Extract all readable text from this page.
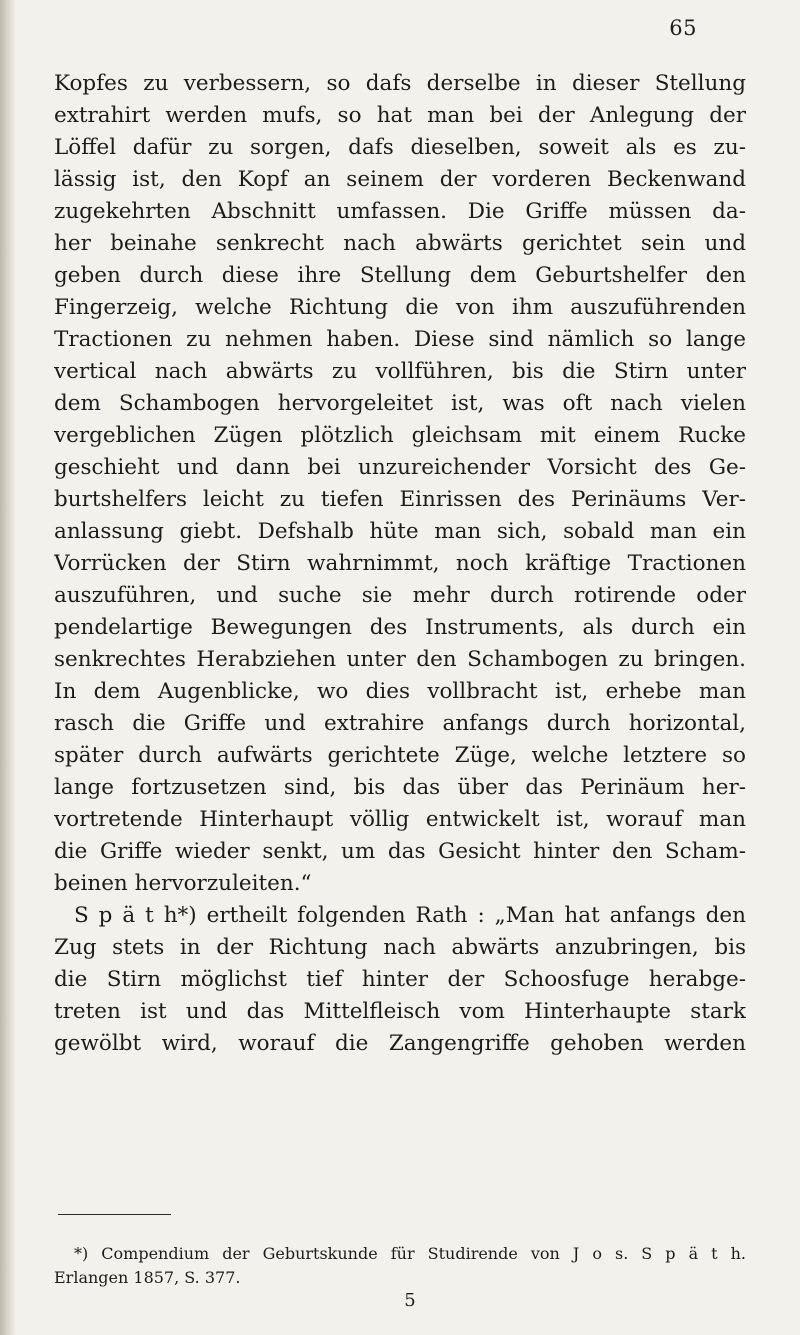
65
Kopfes zu verbessern, so dafs derselbe in dieser Stellung
extrahirt werden mufs, so hat man bei der Anlegung der
Löffel dafür zu sorgen, dafs dieselben, soweit als es zu-
lässig ist, den Kopf an seinem der vorderen Beckenwand
zugekehrten Abschnitt umfassen. Die Griffe müssen da-
her beinahe senkrecht nach abwärts gerichtet sein und
geben durch diese ihre Stellung dem Geburtshelfer den
Fingerzeig, welche Richtung die von ihm auszuführenden
Tractionen zu nehmen haben. Diese sind nämlich so lange
vertical nach abwärts zu vollführen, bis die Stirn unter
dem Schambogen hervorgeleitet ist, was oft nach vielen
vergeblichen Zügen plötzlich gleichsam mit einem Rucke
geschieht und dann bei unzureichender Vorsicht des Ge-
burtshelfers leicht zu tiefen Einrissen des Perinäums Ver-
anlassung giebt. Defshalb hüte man sich, sobald man ein
Vorrücken der Stirn wahrnimmt, noch kräftige Tractionen
auszuführen, und suche sie mehr durch rotirende oder
pendelartige Bewegungen des Instruments, als durch ein
senkrechtes Herabziehen unter den Schambogen zu bringen.
In dem Augenblicke, wo dies vollbracht ist, erhebe man
rasch die Griffe und extrahire anfangs durch horizontal,
später durch aufwärts gerichtete Züge, welche letztere so
lange fortzusetzen sind, bis das über das Perinäum her-
vortretende Hinterhaupt völlig entwickelt ist, worauf man
die Griffe wieder senkt, um das Gesicht hinter den Scham-
beinen hervorzuleiten.“
S p ä t h*) ertheilt folgenden Rath : „Man hat anfangs den
Zug stets in der Richtung nach abwärts anzubringen, bis
die Stirn möglichst tief hinter der Schoosfuge herabge-
treten ist und das Mittelfleisch vom Hinterhaupte stark
gewölbt wird, worauf die Zangengriffe gehoben werden
*) Compendium der Geburtskunde für Studirende von J o s. S p ä t h.
Erlangen 1857, S. 377.
5
